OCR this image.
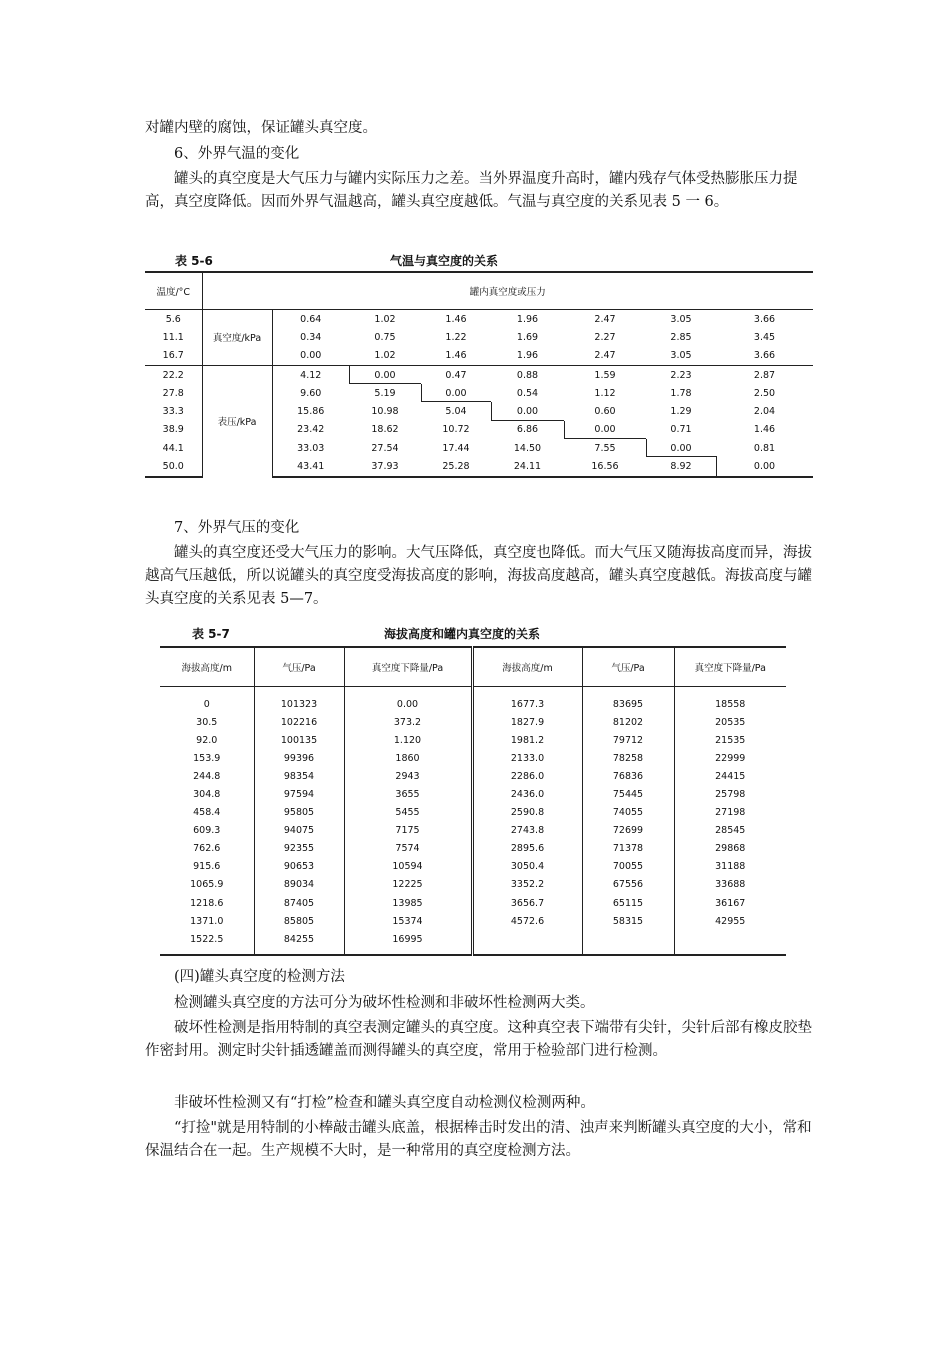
对罐内壁的腐蚀，保证罐头真空度。

6、外界气温的变化

罐头的真空度是大气压力与罐内实际压力之差。当外界温度升高时，罐内残存气体受热膨胀压力提高，真空度降低。因而外界气温越高，罐头真空度越低。气温与真空度的关系见表 5 一 6。

表 5-6	气温与真空度的关系
温度/°C	罐内真空度或压力							
5.6	真空度/kPa	0.64	1.02	1.46	1.96	2.47	3.05	3.66
11.1		0.34	0.75	1.22	1.69	2.27	2.85	3.45
16.7		0.00	1.02	1.46	1.96	2.47	3.05	3.66
22.2	表压/kPa	4.12	0.00	0.47	0.88	1.59	2.23	2.87
27.8		9.60	5.19	0.00	0.54	1.12	1.78	2.50
33.3		15.86	10.98	5.04	0.00	0.60	1.29	2.04
38.9		23.42	18.62	10.72	6.86	0.00	0.71	1.46
44.1		33.03	27.54	17.44	14.50	7.55	0.00	0.81
50.0		43.41	37.93	25.28	24.11	16.56	8.92	0.00

7、外界气压的变化

罐头的真空度还受大气压力的影响。大气压降低，真空度也降低。而大气压又随海拔高度而异，海拔越高气压越低，所以说罐头的真空度受海拔高度的影响，海拔高度越高，罐头真空度越低。海拔高度与罐头真空度的关系见表 5—7。

表 5-7	海拔高度和罐内真空度的关系
海拔高度/m	气压/Pa	真空度下降量/Pa	海拔高度/m	气压/Pa	真空度下降量/Pa
0	101323	0.00	1677.3	83695	18558
30.5	102216	373.2	1827.9	81202	20535
92.0	100135	1.120	1981.2	79712	21535
153.9	99396	1860	2133.0	78258	22999
244.8	98354	2943	2286.0	76836	24415
304.8	97594	3655	2436.0	75445	25798
458.4	95805	5455	2590.8	74055	27198
609.3	94075	7175	2743.8	72699	28545
762.6	92355	7574	2895.6	71378	29868
915.6	90653	10594	3050.4	70055	31188
1065.9	89034	12225	3352.2	67556	33688
1218.6	87405	13985	3656.7	65115	36167
1371.0	85805	15374	4572.6	58315	42955
1522.5	84255	16995			

(四)罐头真空度的检测方法

检测罐头真空度的方法可分为破坏性检测和非破坏性检测两大类。

破坏性检测是指用特制的真空表测定罐头的真空度。这种真空表下端带有尖针，尖针后部有橡皮胶垫作密封用。测定时尖针插透罐盖而测得罐头的真空度，常用于检验部门进行检测。

非破坏性检测又有“打检”检查和罐头真空度自动检测仪检测两种。

“打捡"就是用特制的小棒敲击罐头底盖，根据棒击时发出的清、浊声来判断罐头真空度的大小，常和保温结合在一起。生产规模不大时，是一种常用的真空度检测方法。
